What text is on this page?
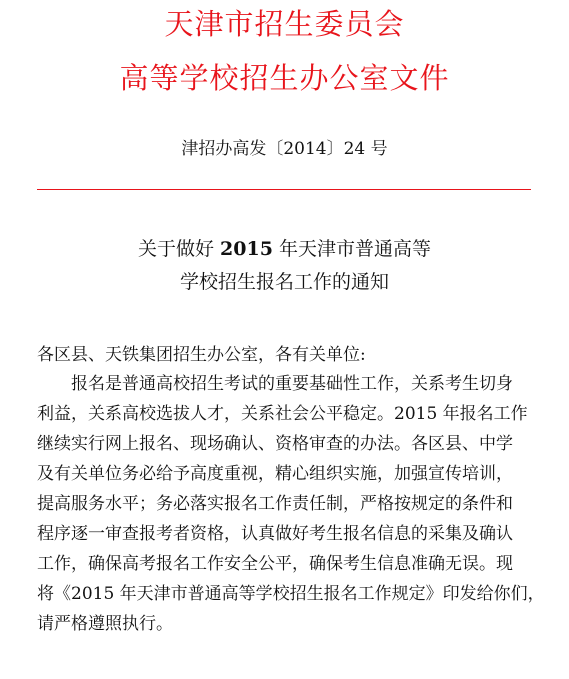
天津市招生委员会
高等学校招生办公室文件
津招办高发〔2014〕24 号
关于做好 2015 年天津市普通高等
学校招生报名工作的通知
各区县、天铁集团招生办公室，各有关单位:
报名是普通高校招生考试的重要基础性工作，关系考生切身
利益，关系高校选拔人才，关系社会公平稳定。2015 年报名工作
继续实行网上报名、现场确认、资格审查的办法。各区县、中学
及有关单位务必给予高度重视，精心组织实施，加强宣传培训，
提高服务水平；务必落实报名工作责任制，严格按规定的条件和
程序逐一审查报考者资格，认真做好考生报名信息的采集及确认
工作，确保高考报名工作安全公平，确保考生信息准确无误。现
将《2015 年天津市普通高等学校招生报名工作规定》印发给你们，
请严格遵照执行。
